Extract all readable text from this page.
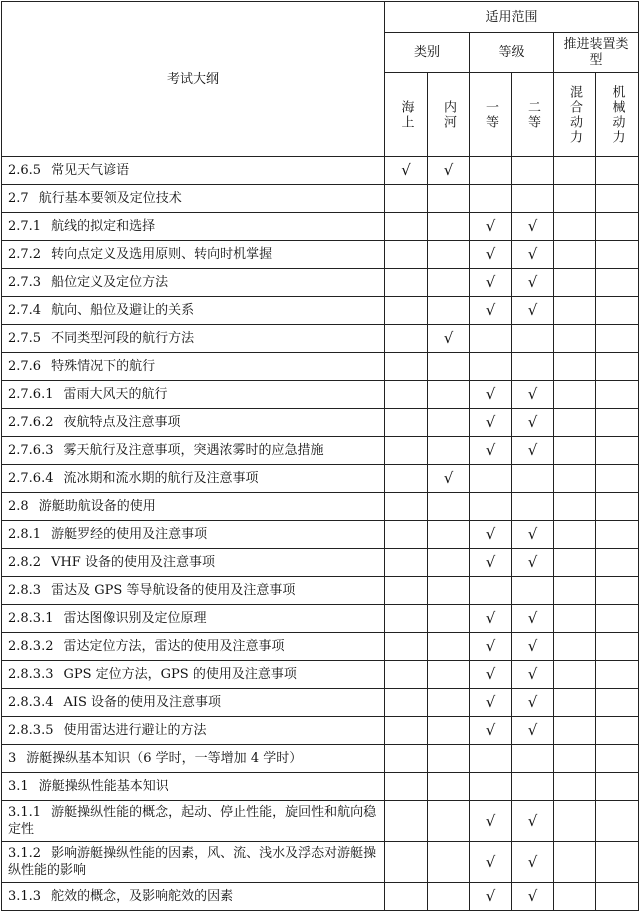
考试大纲	适用范围					
	类别		等级		推进装置类型	
	海上	内河	一等	二等	混合动力	机械动力
2.6.5 常见天气谚语	√	√				
2.7 航行基本要领及定位技术						
2.7.1 航线的拟定和选择			√	√		
2.7.2 转向点定义及选用原则、转向时机掌握			√	√		
2.7.3 船位定义及定位方法			√	√		
2.7.4 航向、船位及避让的关系			√	√		
2.7.5 不同类型河段的航行方法		√				
2.7.6 特殊情况下的航行						
2.7.6.1 雷雨大风天的航行			√	√		
2.7.6.2 夜航特点及注意事项			√	√		
2.7.6.3 雾天航行及注意事项，突遇浓雾时的应急措施			√	√		
2.7.6.4 流冰期和流水期的航行及注意事项		√				
2.8 游艇助航设备的使用						
2.8.1 游艇罗经的使用及注意事项			√	√		
2.8.2 VHF 设备的使用及注意事项			√	√		
2.8.3 雷达及 GPS 等导航设备的使用及注意事项						
2.8.3.1 雷达图像识别及定位原理			√	√		
2.8.3.2 雷达定位方法，雷达的使用及注意事项			√	√		
2.8.3.3 GPS 定位方法，GPS 的使用及注意事项			√	√		
2.8.3.4 AIS 设备的使用及注意事项			√	√		
2.8.3.5 使用雷达进行避让的方法			√	√		
3 游艇操纵基本知识（6 学时，一等增加 4 学时）						
3.1 游艇操纵性能基本知识						
3.1.1 游艇操纵性能的概念，起动、停止性能，旋回性和航向稳定性			√	√		
3.1.2 影响游艇操纵性能的因素，风、流、浅水及浮态对游艇操纵性能的影响			√	√		
3.1.3 舵效的概念，及影响舵效的因素			√	√		
